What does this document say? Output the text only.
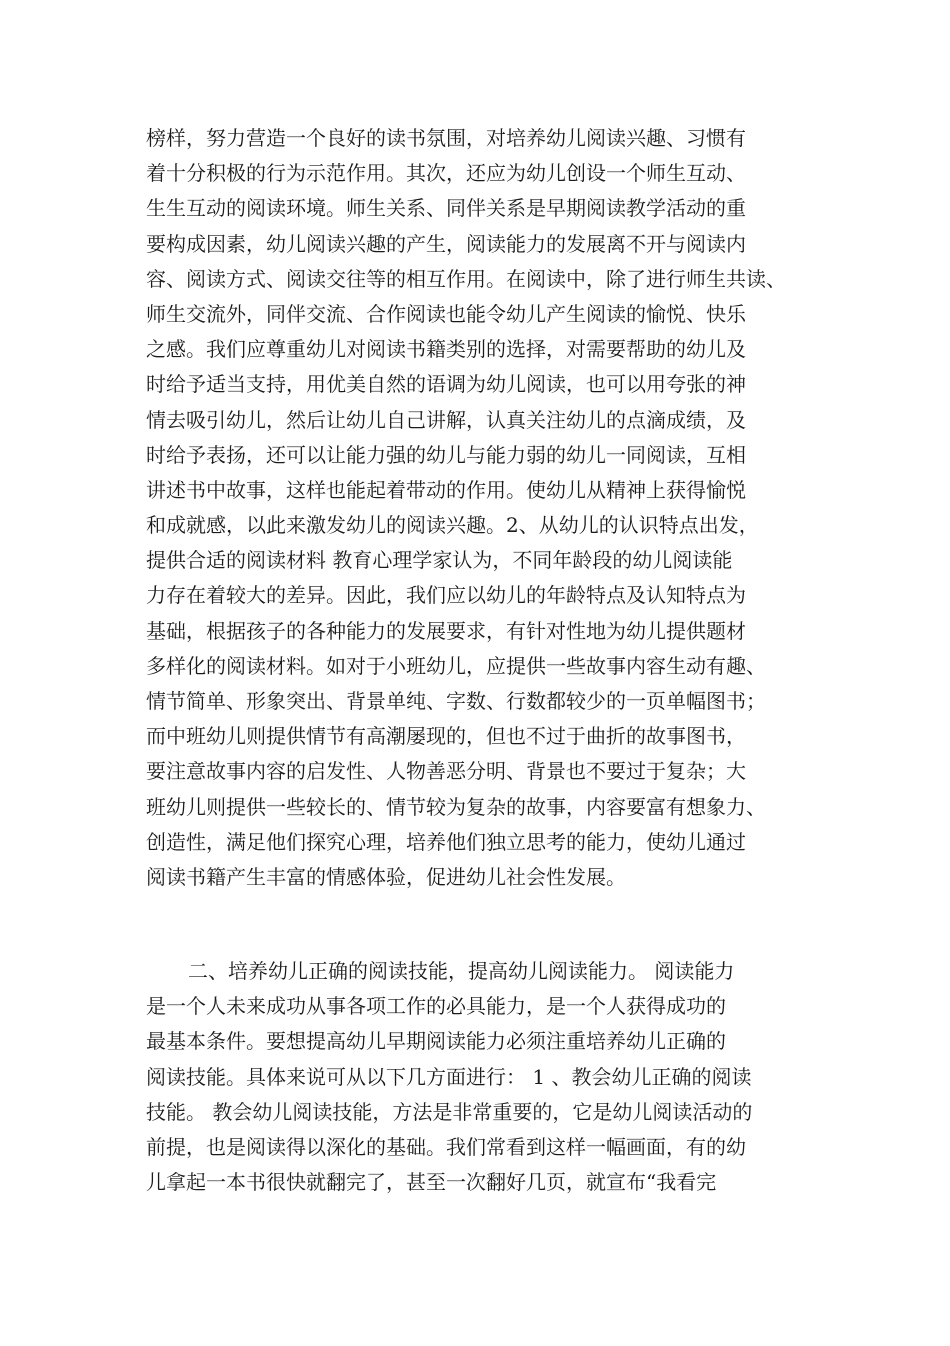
榜样，努力营造一个良好的读书氛围，对培养幼儿阅读兴趣、习惯有
着十分积极的行为示范作用。其次，还应为幼儿创设一个师生互动、
生生互动的阅读环境。师生关系、同伴关系是早期阅读教学活动的重
要构成因素，幼儿阅读兴趣的产生，阅读能力的发展离不开与阅读内
容、阅读方式、阅读交往等的相互作用。在阅读中，除了进行师生共读、
师生交流外，同伴交流、合作阅读也能令幼儿产生阅读的愉悦、快乐
之感。我们应尊重幼儿对阅读书籍类别的选择，对需要帮助的幼儿及
时给予适当支持，用优美自然的语调为幼儿阅读，也可以用夸张的神
情去吸引幼儿，然后让幼儿自己讲解，认真关注幼儿的点滴成绩，及
时给予表扬，还可以让能力强的幼儿与能力弱的幼儿一同阅读，互相
讲述书中故事，这样也能起着带动的作用。使幼儿从精神上获得愉悦
和成就感，以此来激发幼儿的阅读兴趣。2、从幼儿的认识特点出发，
提供合适的阅读材料 教育心理学家认为，不同年龄段的幼儿阅读能
力存在着较大的差异。因此，我们应以幼儿的年龄特点及认知特点为
基础，根据孩子的各种能力的发展要求，有针对性地为幼儿提供题材
多样化的阅读材料。如对于小班幼儿，应提供一些故事内容生动有趣、
情节简单、形象突出、背景单纯、字数、行数都较少的一页单幅图书；
而中班幼儿则提供情节有高潮屡现的，但也不过于曲折的故事图书，
要注意故事内容的启发性、人物善恶分明、背景也不要过于复杂；大
班幼儿则提供一些较长的、情节较为复杂的故事，内容要富有想象力、
创造性，满足他们探究心理，培养他们独立思考的能力，使幼儿通过
阅读书籍产生丰富的情感体验，促进幼儿社会性发展。
二、培养幼儿正确的阅读技能，提高幼儿阅读能力。 阅读能力
是一个人未来成功从事各项工作的必具能力，是一个人获得成功的
最基本条件。要想提高幼儿早期阅读能力必须注重培养幼儿正确的
阅读技能。具体来说可从以下几方面进行： 1 、教会幼儿正确的阅读
技能。 教会幼儿阅读技能，方法是非常重要的，它是幼儿阅读活动的
前提，也是阅读得以深化的基础。我们常看到这样一幅画面，有的幼
儿拿起一本书很快就翻完了，甚至一次翻好几页，就宣布“我看完
